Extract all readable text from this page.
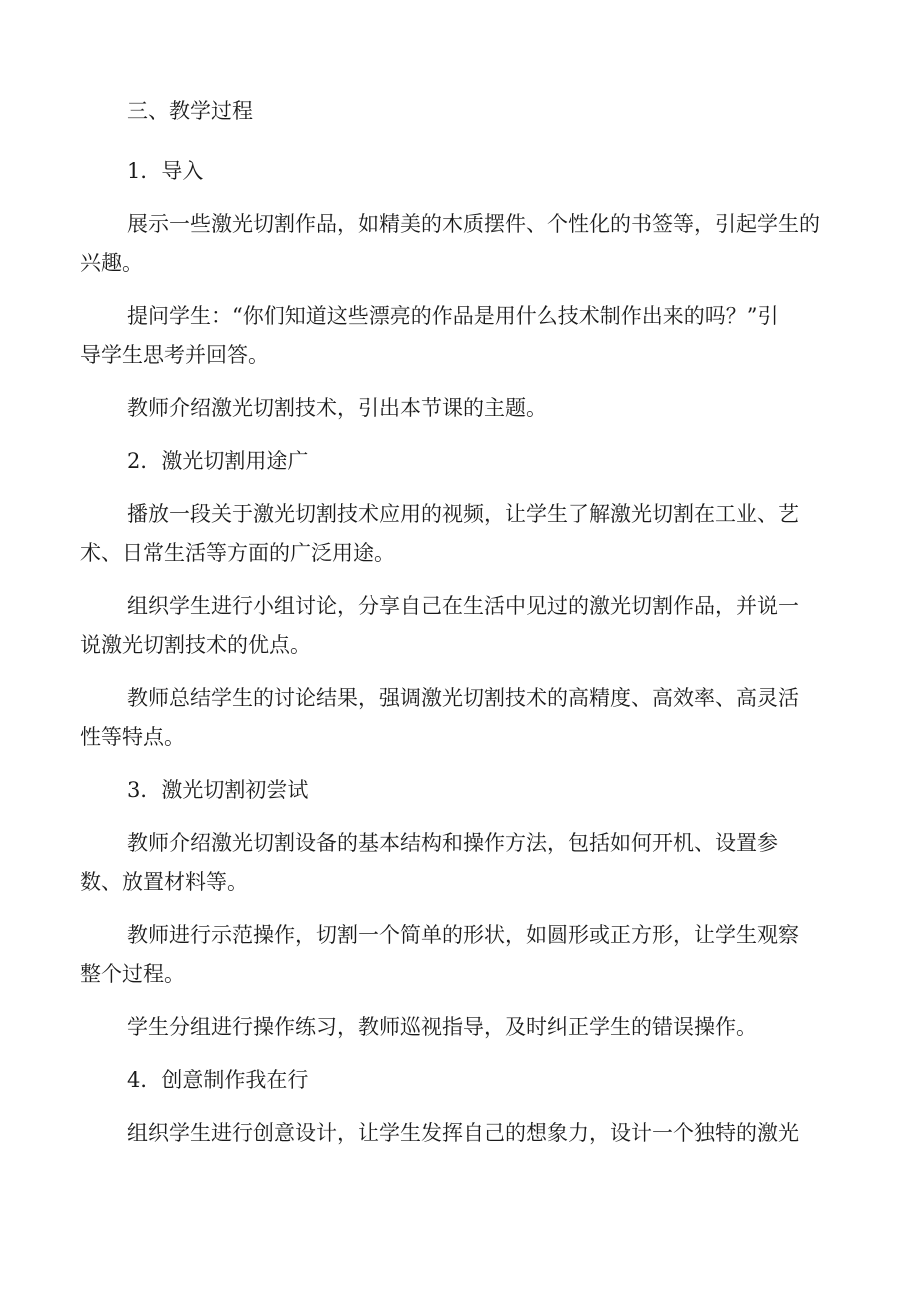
三、教学过程

1．导入

展示一些激光切割作品，如精美的木质摆件、个性化的书签等，引起学生的

兴趣。

提问学生：“你们知道这些漂亮的作品是用什么技术制作出来的吗？”引

导学生思考并回答。

教师介绍激光切割技术，引出本节课的主题。

2．激光切割用途广

播放一段关于激光切割技术应用的视频，让学生了解激光切割在工业、艺

术、日常生活等方面的广泛用途。

组织学生进行小组讨论，分享自己在生活中见过的激光切割作品，并说一

说激光切割技术的优点。

教师总结学生的讨论结果，强调激光切割技术的高精度、高效率、高灵活

性等特点。

3．激光切割初尝试

教师介绍激光切割设备的基本结构和操作方法，包括如何开机、设置参

数、放置材料等。

教师进行示范操作，切割一个简单的形状，如圆形或正方形，让学生观察

整个过程。

学生分组进行操作练习，教师巡视指导，及时纠正学生的错误操作。

4．创意制作我在行

组织学生进行创意设计，让学生发挥自己的想象力，设计一个独特的激光
